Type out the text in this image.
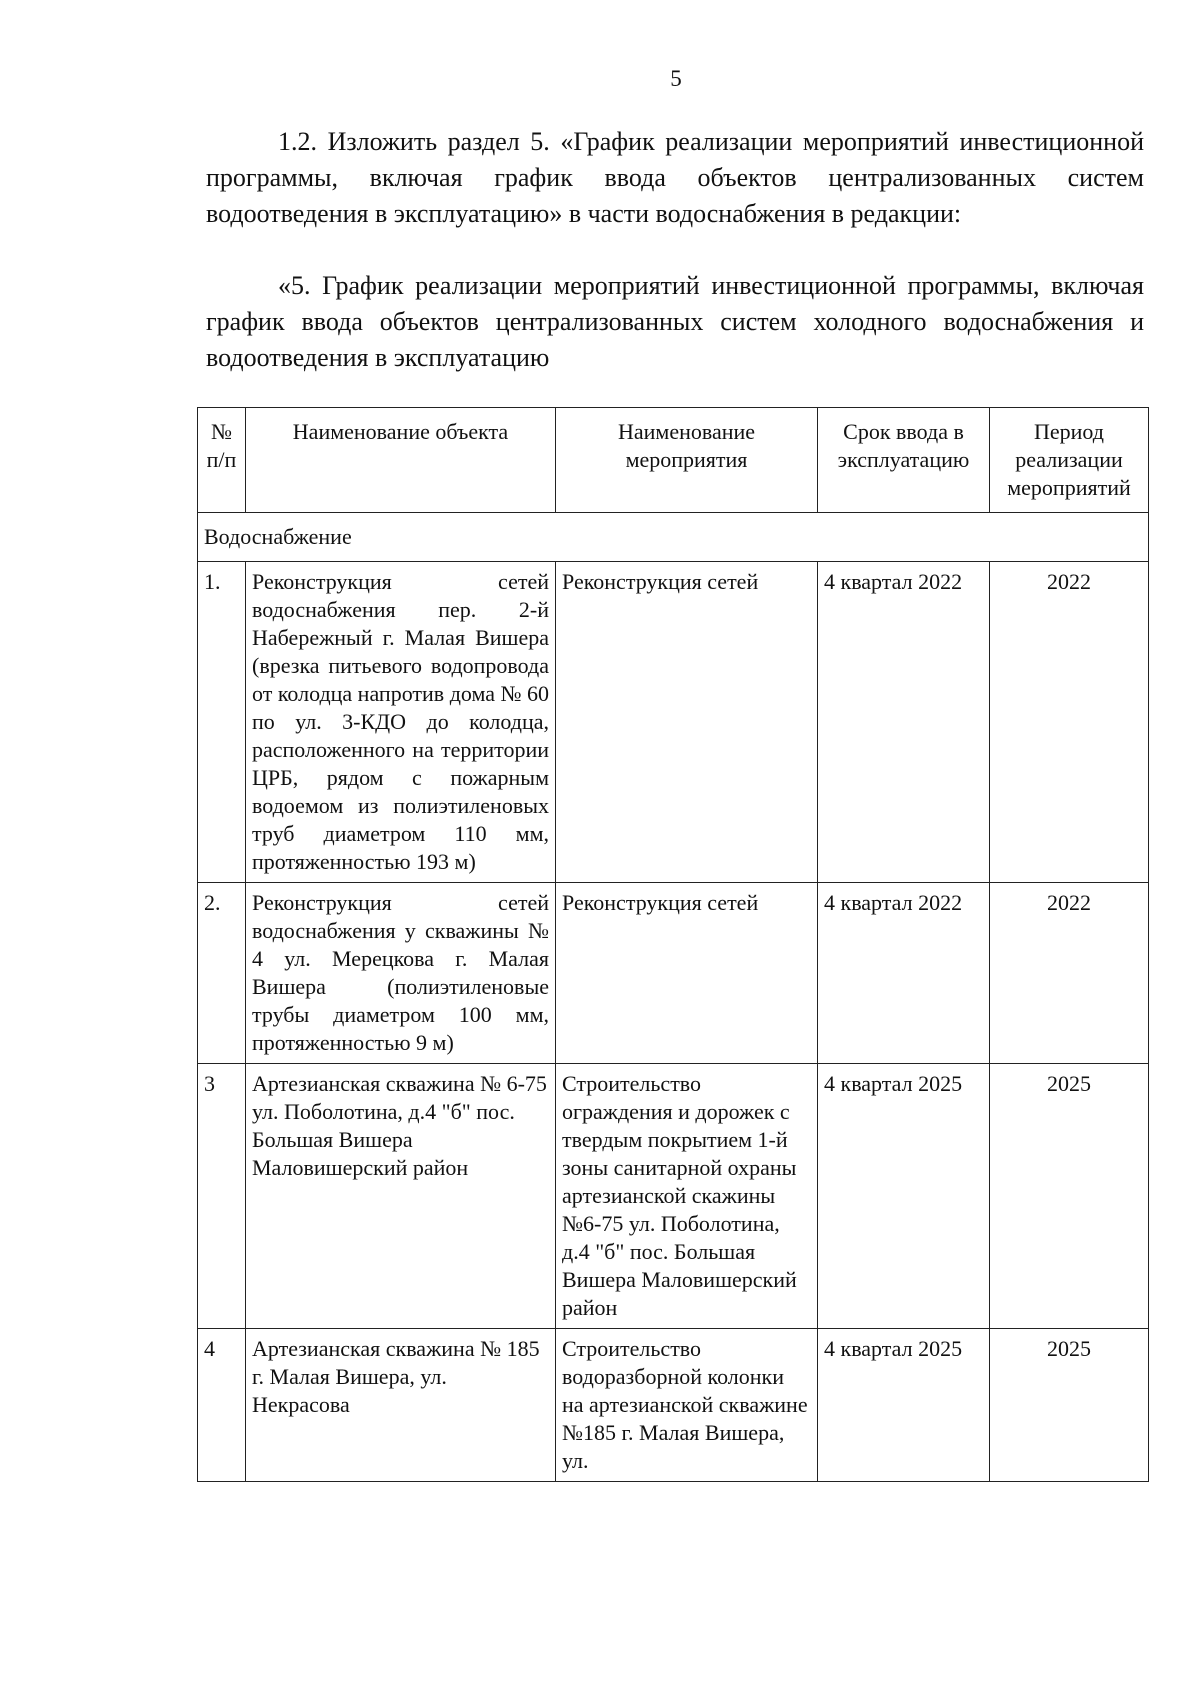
5

1.2. Изложить раздел 5. «График реализации мероприятий инвестиционной программы, включая график ввода объектов централизованных систем водоотведения в эксплуатацию» в части водоснабжения в редакции:

«5. График реализации мероприятий инвестиционной программы, включая график ввода объектов централизованных систем холодного водоснабжения и водоотведения в эксплуатацию

№ п/п	Наименование объекта	Наименование мероприятия	Срок ввода в эксплуатацию	Период реализации мероприятий
Водоснабжение				
1.	Реконструкция сетей водоснабжения пер. 2-й Набережный г. Малая Вишера (врезка питьевого водопровода от колодца напротив дома № 60 по ул. 3-КДО до колодца, расположенного на территории ЦРБ, рядом с пожарным водоемом из полиэтиленовых труб диаметром 110 мм, протяженностью 193 м)	Реконструкция сетей	4 квартал 2022	2022
2.	Реконструкция сетей водоснабжения у скважины № 4 ул. Мерецкова г. Малая Вишера (полиэтиленовые трубы диаметром 100 мм, протяженностью 9 м)	Реконструкция сетей	4 квартал 2022	2022
3	Артезианская скважина № 6-75 ул. Поболотина, д.4 "б" пос. Большая Вишера Маловишерский район	Строительство ограждения и дорожек с твердым покрытием 1-й зоны санитарной охраны артезианской скажины №6-75 ул. Поболотина, д.4 "б" пос. Большая Вишера Маловишерский район	4 квартал 2025	2025
4	Артезианская скважина № 185 г. Малая Вишера, ул. Некрасова	Строительство водоразборной колонки на артезианской скважине №185 г. Малая Вишера, ул.	4 квартал 2025	2025
